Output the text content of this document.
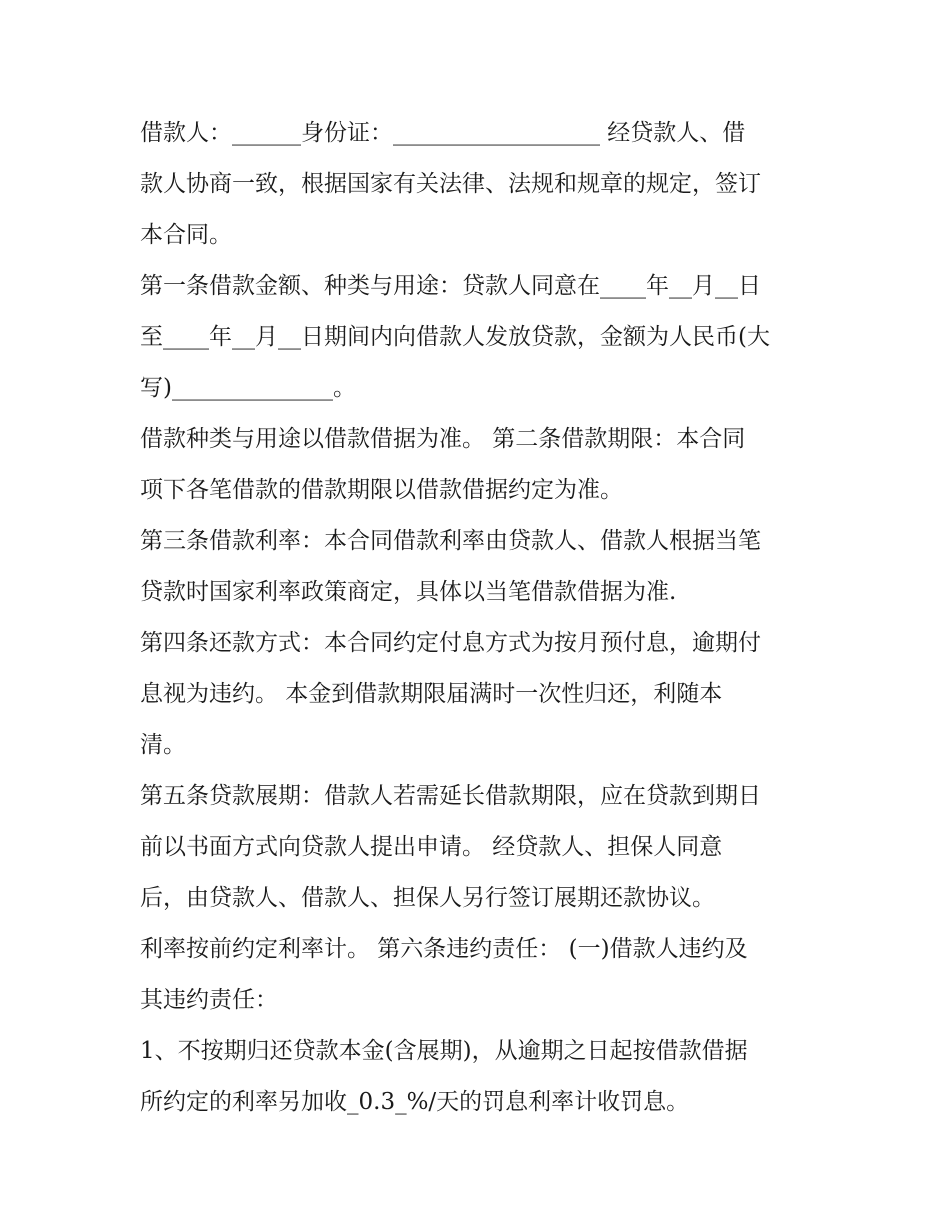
借款人：______身份证：__________________ 经贷款人、借
款人协商一致，根据国家有关法律、法规和规章的规定，签订
本合同。
第一条借款金额、种类与用途：贷款人同意在____年__月__日
至____年__月__日期间内向借款人发放贷款，金额为人民币(大
写)______________。
借款种类与用途以借款借据为准。 第二条借款期限：本合同
项下各笔借款的借款期限以借款借据约定为准。
第三条借款利率：本合同借款利率由贷款人、借款人根据当笔
贷款时国家利率政策商定，具体以当笔借款借据为准.
第四条还款方式：本合同约定付息方式为按月预付息，逾期付
息视为违约。 本金到借款期限届满时一次性归还，利随本
清。
第五条贷款展期：借款人若需延长借款期限，应在贷款到期日
前以书面方式向贷款人提出申请。 经贷款人、担保人同意
后，由贷款人、借款人、担保人另行签订展期还款协议。
利率按前约定利率计。 第六条违约责任： (一)借款人违约及
其违约责任：
1、不按期归还贷款本金(含展期)，从逾期之日起按借款借据
所约定的利率另加收_0.3_%/天的罚息利率计收罚息。
